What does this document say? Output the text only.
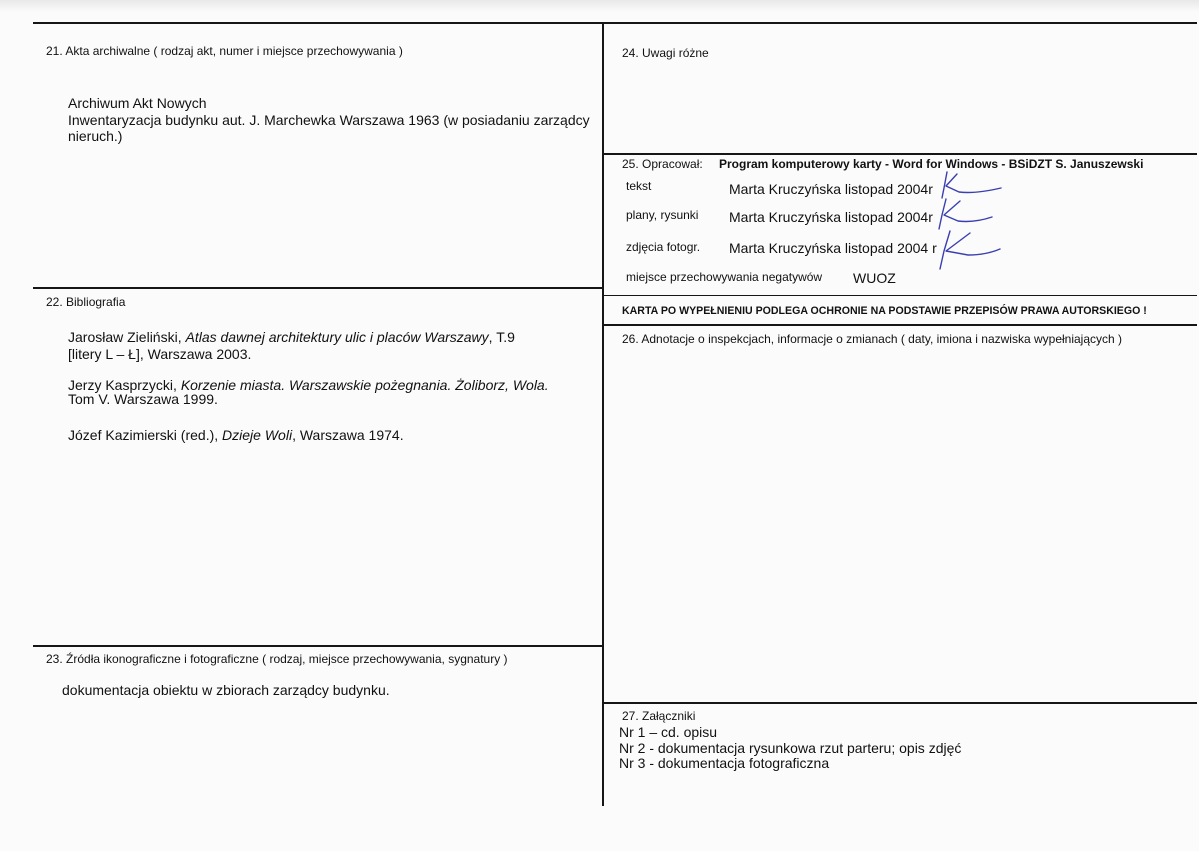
21. Akta archiwalne ( rodzaj akt, numer i miejsce przechowywania )
Archiwum Akt Nowych
Inwentaryzacja budynku aut. J. Marchewka Warszawa 1963 (w posiadaniu zarządcy
nieruch.)
22. Bibliografia
Jarosław Zieliński, Atlas dawnej architektury ulic i placów Warszawy, T.9
[litery L – Ł], Warszawa 2003.
Jerzy Kasprzycki, Korzenie miasta. Warszawskie pożegnania. Żoliborz, Wola.
Tom V. Warszawa 1999.
Józef Kazimierski (red.), Dzieje Woli, Warszawa 1974.
23. Źródła ikonograficzne i fotograficzne ( rodzaj, miejsce przechowywania, sygnatury )
dokumentacja obiektu w zbiorach zarządcy budynku.
24. Uwagi różne
25. Opracował: Program komputerowy karty - Word for Windows - BSiDZT S. Januszewski
tekst	Marta Kruczyńska listopad 2004r
plany, rysunki Marta Kruczyńska listopad 2004r
zdjęcia fotogr. Marta Kruczyńska listopad 2004 r
miejsce przechowywania negatywów WUOZ
KARTA PO WYPEŁNIENIU PODLEGA OCHRONIE NA PODSTAWIE PRZEPISÓW PRAWA AUTORSKIEGO !
26. Adnotacje o inspekcjach, informacje o zmianach ( daty, imiona i nazwiska wypełniających )
27. Załączniki
Nr 1 – cd. opisu
Nr 2 - dokumentacja rysunkowa rzut parteru; opis zdjęć
Nr 3 - dokumentacja fotograficzna
